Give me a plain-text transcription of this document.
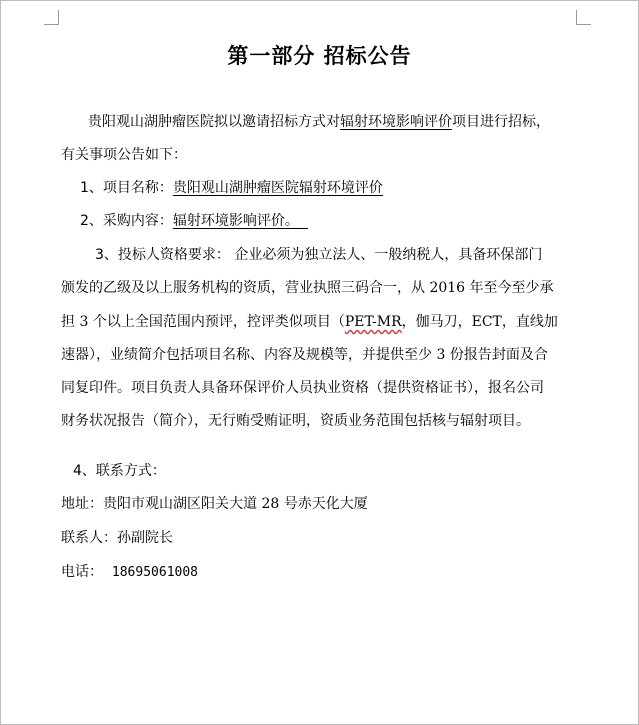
第一部分 招标公告
贵阳观山湖肿瘤医院拟以邀请招标方式对辐射环境影响评价项目进行招标，
有关事项公告如下：
1、项目名称：贵阳观山湖肿瘤医院辐射环境评价
2、采购内容：辐射环境影响评价。
3、投标人资格要求： 企业必须为独立法人、一般纳税人，具备环保部门
颁发的乙级及以上服务机构的资质，营业执照三码合一，从 2016 年至今至少承
担 3 个以上全国范围内预评，控评类似项目（PET-MR，伽马刀，ECT，直线加
速器），业绩简介包括项目名称、内容及规模等，并提供至少 3 份报告封面及合
同复印件。项目负责人具备环保评价人员执业资格（提供资格证书），报名公司
财务状况报告（简介），无行贿受贿证明，资质业务范围包括核与辐射项目。
4、联系方式：
地址：贵阳市观山湖区阳关大道 28 号赤天化大厦
联系人：孙副院长
电话： 18695061008
